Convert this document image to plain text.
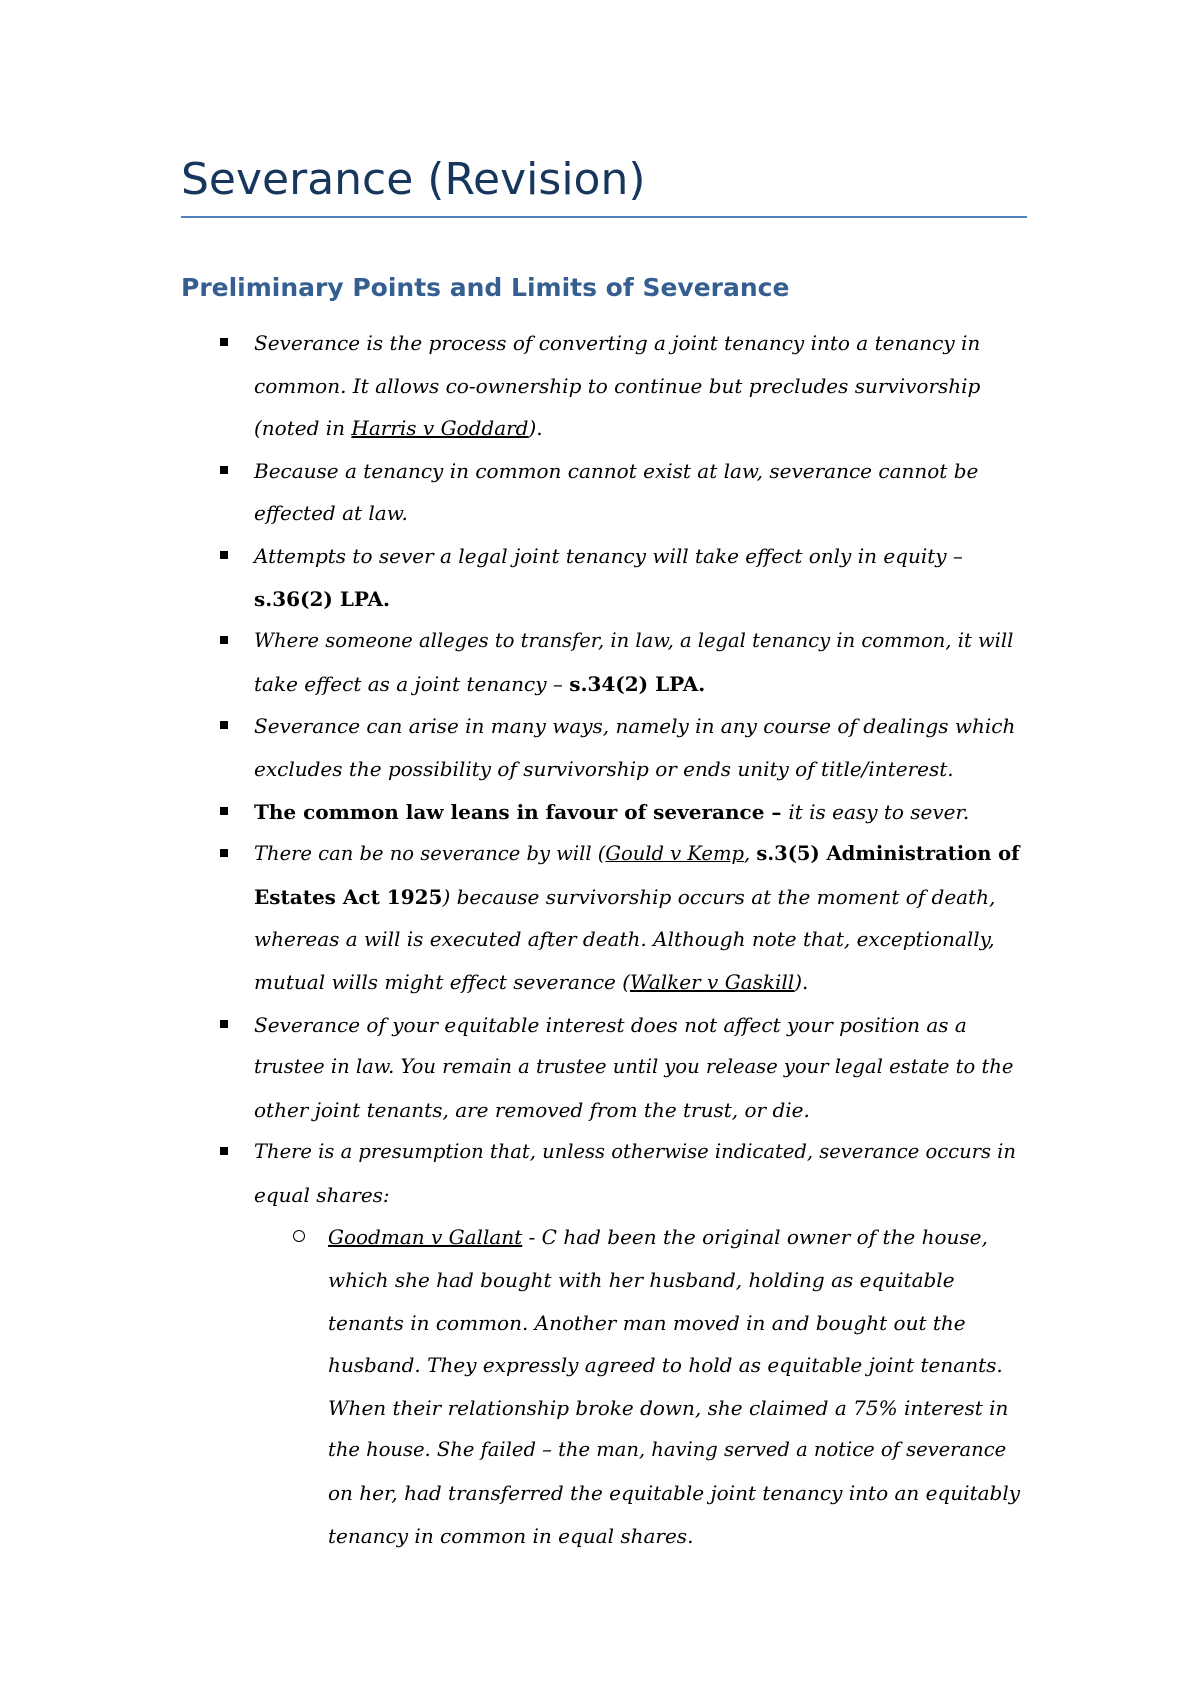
Severance (Revision)
Preliminary Points and Limits of Severance
Severance is the process of converting a joint tenancy into a tenancy in
common. It allows co-ownership to continue but precludes survivorship
(noted in Harris v Goddard).
Because a tenancy in common cannot exist at law, severance cannot be
effected at law.
Attempts to sever a legal joint tenancy will take effect only in equity –
s.36(2) LPA.
Where someone alleges to transfer, in law, a legal tenancy in common, it will
take effect as a joint tenancy – s.34(2) LPA.
Severance can arise in many ways, namely in any course of dealings which
excludes the possibility of survivorship or ends unity of title/interest.
The common law leans in favour of severance – it is easy to sever.
There can be no severance by will (Gould v Kemp, s.3(5) Administration of
Estates Act 1925) because survivorship occurs at the moment of death,
whereas a will is executed after death. Although note that, exceptionally,
mutual wills might effect severance (Walker v Gaskill).
Severance of your equitable interest does not affect your position as a
trustee in law. You remain a trustee until you release your legal estate to the
other joint tenants, are removed from the trust, or die.
There is a presumption that, unless otherwise indicated, severance occurs in
equal shares:
Goodman v Gallant - C had been the original owner of the house,
which she had bought with her husband, holding as equitable
tenants in common. Another man moved in and bought out the
husband. They expressly agreed to hold as equitable joint tenants.
When their relationship broke down, she claimed a 75% interest in
the house. She failed – the man, having served a notice of severance
on her, had transferred the equitable joint tenancy into an equitably
tenancy in common in equal shares.
